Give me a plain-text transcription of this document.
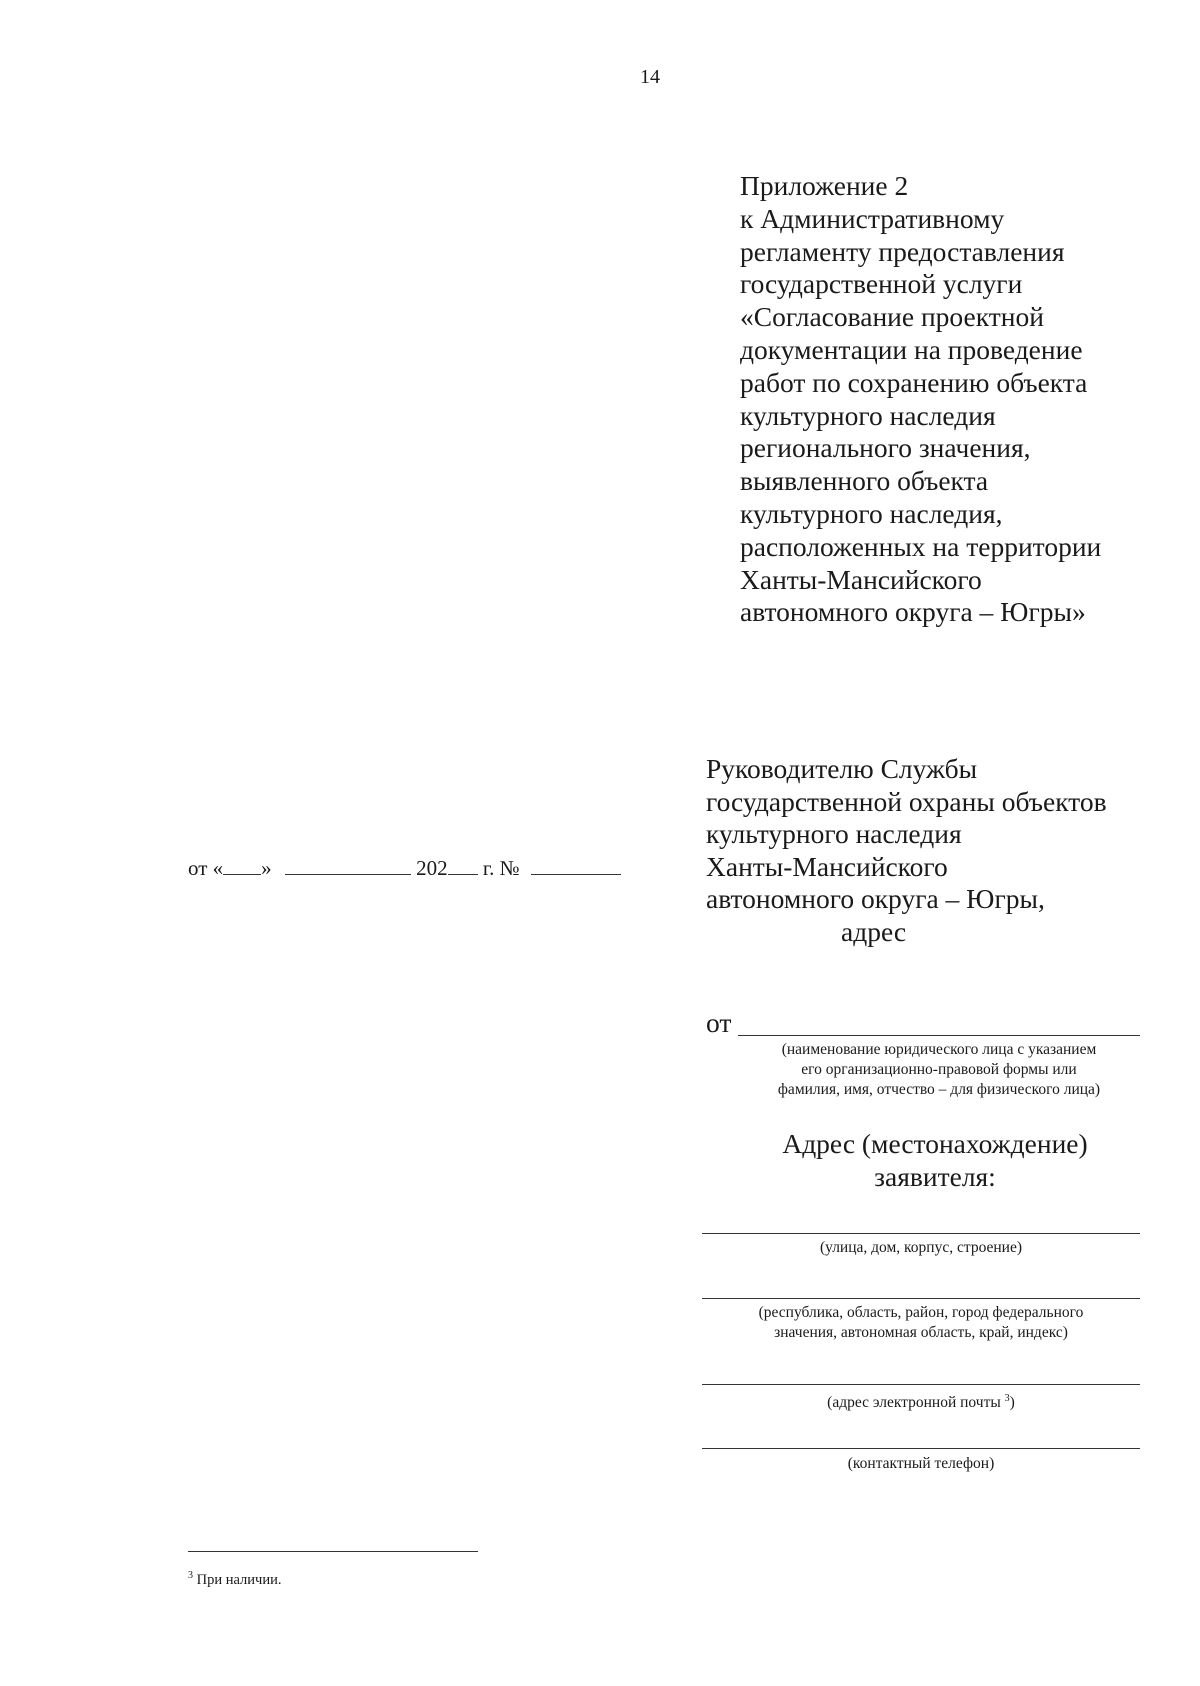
14
Приложение 2
к Административному
регламенту предоставления
государственной услуги
«Согласование проектной
документации на проведение
работ по сохранению объекта
культурного наследия
регионального значения,
выявленного объекта
культурного наследия,
расположенных на территории
Ханты-Мансийского
автономного округа – Югры»
от « »	202 г. №
Руководителю Службы
государственной охраны объектов
культурного наследия
Ханты-Мансийского
автономного округа – Югры,
адрес
от
(наименование юридического лица с указанием
его организационно-правовой формы или
фамилия, имя, отчество – для физического лица)
Адрес (местонахождение)
заявителя:
(улица, дом, корпус, строение)
(республика, область, район, город федерального
значения, автономная область, край, индекс)
(адрес электронной почты $^3$)
(контактный телефон)
$^3$ При наличии.
